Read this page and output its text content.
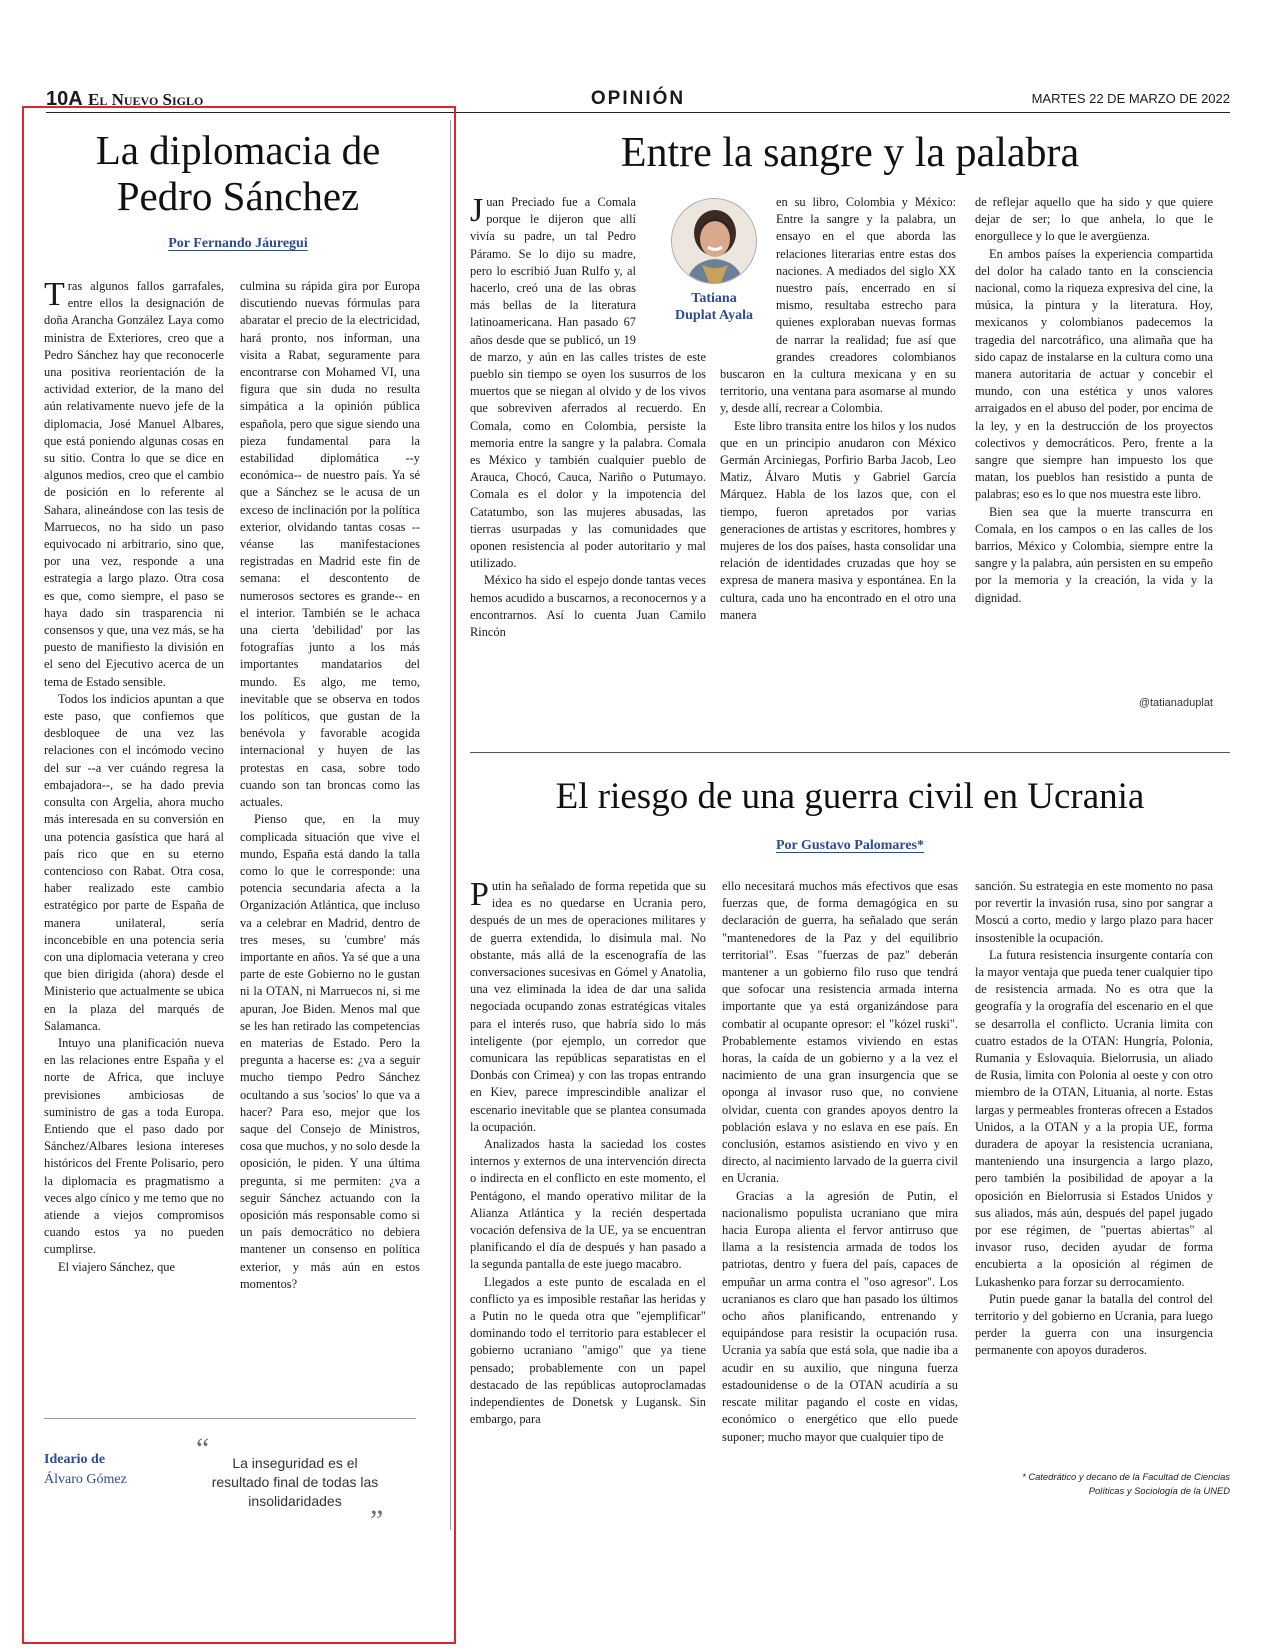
10A El Nuevo Siglo	OPINIÓN	MARTES 22 DE MARZO DE 2022
La diplomacia de
Pedro Sánchez
Por Fernando Jáuregui

Tras algunos fallos garrafales, entre ellos la designación de doña Arancha González Laya como ministra de Exteriores, creo que a Pedro Sánchez hay que reconocerle una positiva reorientación de la actividad exterior, de la mano del aún relativamente nuevo jefe de la diplomacia, José Manuel Albares, que está poniendo algunas cosas en su sitio. Contra lo que se dice en algunos medios, creo que el cambio de posición en lo referente al Sahara, alineándose con las tesis de Marruecos, no ha sido un paso equivocado ni arbitrario, sino que, por una vez, responde a una estrategia a largo plazo. Otra cosa es que, como siempre, el paso se haya dado sin trasparencia ni consensos y que, una vez más, se ha puesto de manifiesto la división en el seno del Ejecutivo acerca de un tema de Estado sensible.

Todos los indicios apuntan a que este paso, que confiemos que desbloquee de una vez las relaciones con el incómodo vecino del sur --a ver cuándo regresa la embajadora--, se ha dado previa consulta con Argelia, ahora mucho más interesada en su conversión en una potencia gasística que hará al país rico que en su eterno contencioso con Rabat. Otra cosa, haber realizado este cambio estratégico por parte de España de manera unilateral, sería inconcebible en una potencia seria con una diplomacia veterana y creo que bien dirigida (ahora) desde el Ministerio que actualmente se ubica en la plaza del marqués de Salamanca.

Intuyo una planificación nueva en las relaciones entre España y el norte de Africa, que incluye previsiones ambiciosas de suministro de gas a toda Europa. Entiendo que el paso dado por Sánchez/Albares lesiona intereses históricos del Frente Polisario, pero la diplomacia es pragmatismo a veces algo cínico y me temo que no atiende a viejos compromisos cuando estos ya no pueden cumplirse.

El viajero Sánchez, que

culmina su rápida gira por Europa discutiendo nuevas fórmulas para abaratar el precio de la electricidad, hará pronto, nos informan, una visita a Rabat, seguramente para encontrarse con Mohamed VI, una figura que sin duda no resulta simpática a la opinión pública española, pero que sigue siendo una pieza fundamental para la estabilidad diplomática --y económica-- de nuestro país. Ya sé que a Sánchez se le acusa de un exceso de inclinación por la política exterior, olvidando tantas cosas --véanse las manifestaciones registradas en Madrid este fin de semana: el descontento de numerosos sectores es grande-- en el interior. También se le achaca una cierta 'debilidad' por las fotografías junto a los más importantes mandatarios del mundo. Es algo, me temo, inevitable que se observa en todos los políticos, que gustan de la benévola y favorable acogida internacional y huyen de las protestas en casa, sobre todo cuando son tan broncas como las actuales.

Pienso que, en la muy complicada situación que vive el mundo, España está dando la talla como lo que le corresponde: una potencia secundaria afecta a la Organización Atlántica, que incluso va a celebrar en Madrid, dentro de tres meses, su 'cumbre' más importante en años. Ya sé que a una parte de este Gobierno no le gustan ni la OTAN, ni Marruecos ni, si me apuran, Joe Biden. Menos mal que se les han retirado las competencias en materias de Estado. Pero la pregunta a hacerse es: ¿va a seguir mucho tiempo Pedro Sánchez ocultando a sus 'socios' lo que va a hacer? Para eso, mejor que los saque del Consejo de Ministros, cosa que muchos, y no solo desde la oposición, le piden. Y una última pregunta, si me permiten: ¿va a seguir Sánchez actuando con la oposición más responsable como si un país democrático no debiera mantener un consenso en política exterior, y más aún en estos momentos?

Ideario de
Álvaro Gómez
“	La inseguridad es el resultado final de todas las insolidaridades
”
Entre la sangre y la palabra

Juan Preciado fue a Comala porque le dijeron que allí vivía su padre, un tal Pedro Páramo. Se lo dijo su madre, pero lo escribió Juan Rulfo y, al hacerlo, creó una de las obras más bellas de la literatura latinoamericana. Han pasado 67 años desde que se publicó, un 19 de marzo, y aún en las calles tristes de este pueblo sin tiempo se oyen los susurros de los muertos que se niegan al olvido y de los vivos que sobreviven aferrados al recuerdo. En Comala, como en Colombia, persiste la memoria entre la sangre y la palabra. Comala es México y también cualquier pueblo de Arauca, Chocó, Cauca, Nariño o Putumayo. Comala es el dolor y la impotencia del Catatumbo, son las mujeres abusadas, las tierras usurpadas y las comunidades que oponen resistencia al poder autoritario y mal utilizado.

México ha sido el espejo donde tantas veces hemos acudido a buscarnos, a reconocernos y a encontrarnos. Así lo cuenta Juan Camilo Rincón

Tatiana
Duplat Ayala

en su libro, Colombia y México: Entre la sangre y la palabra, un ensayo en el que aborda las relaciones literarias entre estas dos naciones. A mediados del siglo XX nuestro país, encerrado en sí mismo, resultaba estrecho para quienes exploraban nuevas formas de narrar la realidad; fue así que grandes creadores colombianos buscaron en la cultura mexicana y en su territorio, una ventana para asomarse al mundo y, desde allí, recrear a Colombia.

Este libro transita entre los hilos y los nudos que en un principio anudaron con México Germán Arciniegas, Porfirio Barba Jacob, Leo Matiz, Álvaro Mutis y Gabriel García Márquez. Habla de los lazos que, con el tiempo, fueron apretados por varias generaciones de artistas y escritores, hombres y mujeres de los dos países, hasta consolidar una relación de identidades cruzadas que hoy se expresa de manera masiva y espontánea. En la cultura, cada uno ha encontrado en el otro una manera

de reflejar aquello que ha sido y que quiere dejar de ser; lo que anhela, lo que le enorgullece y lo que le avergüenza.

En ambos países la experiencia compartida del dolor ha calado tanto en la consciencia nacional, como la riqueza expresiva del cine, la música, la pintura y la literatura. Hoy, mexicanos y colombianos padecemos la tragedia del narcotráfico, una alimaña que ha sido capaz de instalarse en la cultura como una manera autoritaria de actuar y concebir el mundo, con una estética y unos valores arraigados en el abuso del poder, por encima de la ley, y en la destrucción de los proyectos colectivos y democráticos. Pero, frente a la sangre que siempre han impuesto los que matan, los pueblos han resistido a punta de palabras; eso es lo que nos muestra este libro.

Bien sea que la muerte transcurra en Comala, en los campos o en las calles de los barrios, México y Colombia, siempre entre la sangre y la palabra, aún persisten en su empeño por la memoria y la creación, la vida y la dignidad.

@tatianaduplat
El riesgo de una guerra civil en Ucrania
Por Gustavo Palomares*

Putin ha señalado de forma repetida que su idea es no quedarse en Ucrania pero, después de un mes de operaciones militares y de guerra extendida, lo disimula mal. No obstante, más allá de la escenografía de las conversaciones sucesivas en Gómel y Anatolia, una vez eliminada la idea de dar una salida negociada ocupando zonas estratégicas vitales para el interés ruso, que habría sido lo más inteligente (por ejemplo, un corredor que comunicara las repúblicas separatistas en el Donbás con Crimea) y con las tropas entrando en Kiev, parece imprescindible analizar el escenario inevitable que se plantea consumada la ocupación.

Analizados hasta la saciedad los costes internos y externos de una intervención directa o indirecta en el conflicto en este momento, el Pentágono, el mando operativo militar de la Alianza Atlántica y la recién despertada vocación defensiva de la UE, ya se encuentran planificando el día de después y han pasado a la segunda pantalla de este juego macabro.

Llegados a este punto de escalada en el conflicto ya es imposible restañar las heridas y a Putin no le queda otra que "ejemplificar" dominando todo el territorio para establecer el gobierno ucraniano "amigo" que ya tiene pensado; probablemente con un papel destacado de las repúblicas autoproclamadas independientes de Donetsk y Lugansk. Sin embargo, para

ello necesitará muchos más efectivos que esas fuerzas que, de forma demagógica en su declaración de guerra, ha señalado que serán "mantenedores de la Paz y del equilibrio territorial". Esas "fuerzas de paz" deberán mantener a un gobierno filo ruso que tendrá que sofocar una resistencia armada interna importante que ya está organizándose para combatir al ocupante opresor: el "kózel ruski". Probablemente estamos viviendo en estas horas, la caída de un gobierno y a la vez el nacimiento de una gran insurgencia que se oponga al invasor ruso que, no conviene olvidar, cuenta con grandes apoyos dentro la población eslava y no eslava en ese país. En conclusión, estamos asistiendo en vivo y en directo, al nacimiento larvado de la guerra civil en Ucrania.

Gracias a la agresión de Putin, el nacionalismo populista ucraniano que mira hacia Europa alienta el fervor antirruso que llama a la resistencia armada de todos los patriotas, dentro y fuera del país, capaces de empuñar un arma contra el "oso agresor". Los ucranianos es claro que han pasado los últimos ocho años planificando, entrenando y equipándose para resistir la ocupación rusa. Ucrania ya sabía que está sola, que nadie iba a acudir en su auxilio, que ninguna fuerza estadounidense o de la OTAN acudiría a su rescate militar pagando el coste en vidas, económico o energético que ello puede suponer; mucho mayor que cualquier tipo de

sanción. Su estrategia en este momento no pasa por revertir la invasión rusa, sino por sangrar a Moscú a corto, medio y largo plazo para hacer insostenible la ocupación.

La futura resistencia insurgente contaría con la mayor ventaja que pueda tener cualquier tipo de resistencia armada. No es otra que la geografía y la orografía del escenario en el que se desarrolla el conflicto. Ucrania limita con cuatro estados de la OTAN: Hungría, Polonia, Rumania y Eslovaquia. Bielorrusia, un aliado de Rusia, limita con Polonia al oeste y con otro miembro de la OTAN, Lituania, al norte. Estas largas y permeables fronteras ofrecen a Estados Unidos, a la OTAN y a la propia UE, forma duradera de apoyar la resistencia ucraniana, manteniendo una insurgencia a largo plazo, pero también la posibilidad de apoyar a la oposición en Bielorrusia si Estados Unidos y sus aliados, más aún, después del papel jugado por ese régimen, de "puertas abiertas" al invasor ruso, deciden ayudar de forma encubierta a la oposición al régimen de Lukashenko para forzar su derrocamiento.

Putin puede ganar la batalla del control del territorio y del gobierno en Ucrania, para luego perder la guerra con una insurgencia permanente con apoyos duraderos.

* Catedrático y decano de la Facultad de Ciencias Políticas y Sociología de la UNED
